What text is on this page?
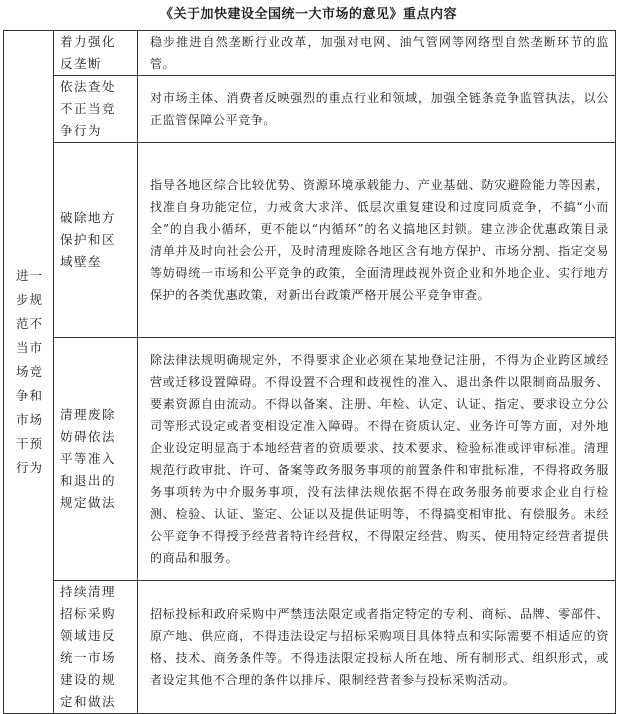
《关于加快建设全国统一大市场的意见》重点内容
进一步规范不当市场竞争和市场干预行为	着力强化反垄断	稳步推进自然垄断行业改革，加强对电网、油气管网等网络型自然垄断环节的监管。

	依法查处不正当竞争行为	对市场主体、消费者反映强烈的重点行业和领域，加强全链条竞争监管执法，以公正监管保障公平竞争。

	破除地方保护和区域壁垒	指导各地区综合比较优势、资源环境承载能力、产业基础、防灾避险能力等因素，找准自身功能定位，力戒贪大求洋、低层次重复建设和过度同质竞争，不搞“小而全”的自我小循环，更不能以“内循环”的名义搞地区封锁。建立涉企优惠政策目录清单并及时向社会公开，及时清理废除各地区含有地方保护、市场分割、指定交易等妨碍统一市场和公平竞争的政策，全面清理歧视外资企业和外地企业、实行地方保护的各类优惠政策，对新出台政策严格开展公平竞争审查。

	清理废除妨碍依法平等准入和退出的规定做法	除法律法规明确规定外，不得要求企业必须在某地登记注册，不得为企业跨区域经营或迁移设置障碍。不得设置不合理和歧视性的准入、退出条件以限制商品服务、要素资源自由流动。不得以备案、注册、年检、认定、认证、指定、要求设立分公司等形式设定或者变相设定准入障碍。不得在资质认定、业务许可等方面，对外地企业设定明显高于本地经营者的资质要求、技术要求、检验标准或评审标准。清理规范行政审批、许可、备案等政务服务事项的前置条件和审批标准，不得将政务服务事项转为中介服务事项，没有法律法规依据不得在政务服务前要求企业自行检测、检验、认证、鉴定、公证以及提供证明等，不得搞变相审批、有偿服务。未经公平竞争不得授予经营者特许经营权，不得限定经营、购买、使用特定经营者提供的商品和服务。

	持续清理招标采购领域违反统一市场建设的规定和做法	招标投标和政府采购中严禁违法限定或者指定特定的专利、商标、品牌、零部件、原产地、供应商，不得违法设定与招标采购项目具体特点和实际需要不相适应的资格、技术、商务条件等。不得违法限定投标人所在地、所有制形式、组织形式，或者设定其他不合理的条件以排斥、限制经营者参与投标采购活动。
